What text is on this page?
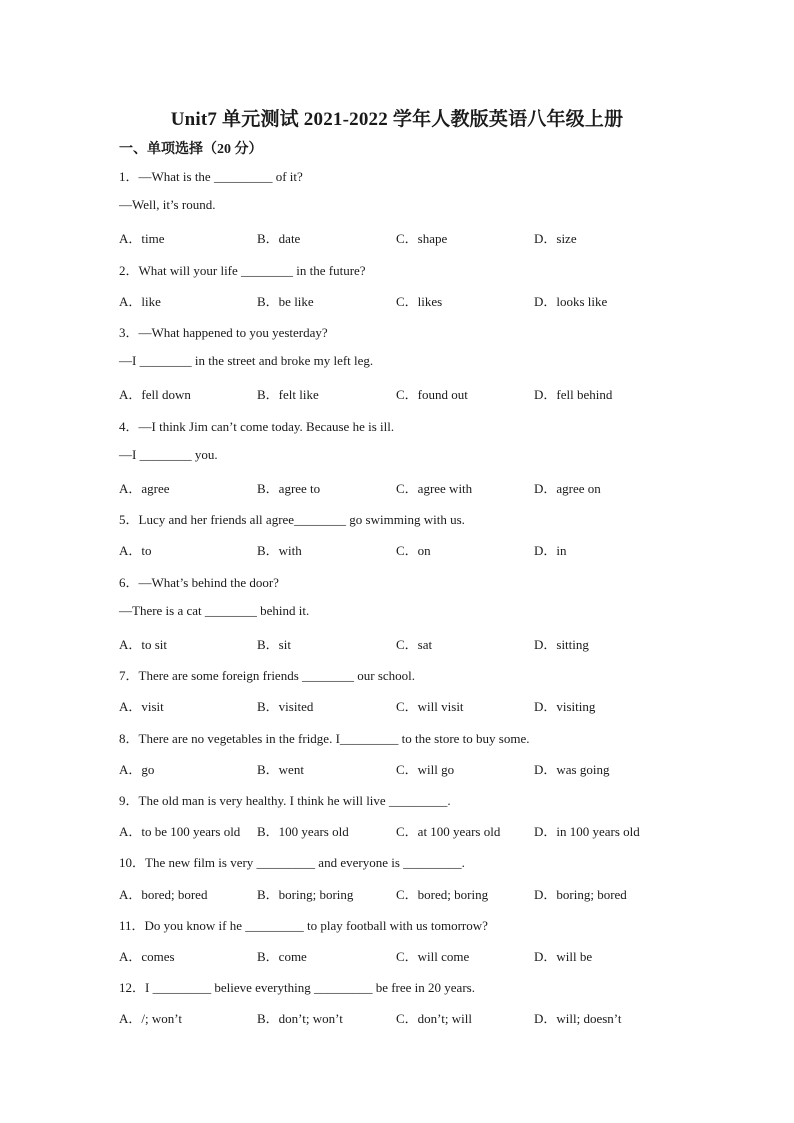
Unit7 单元测试 2021-2022 学年人教版英语八年级上册
一、单项选择（20 分）
1．—What is the _________ of it?
—Well, it’s round.
A．time	B．date	C．shape	D．size
2．What will your life ________ in the future?
A．like	B．be like	C．likes	D．looks like
3．—What happened to you yesterday?
—I ________ in the street and broke my left leg.
A．fell down	B．felt like	C．found out	D．fell behind
4．—I think Jim can’t come today. Because he is ill.
—I ________ you.
A．agree	B．agree to	C．agree with	D．agree on
5．Lucy and her friends all agree________ go swimming with us.
A．to	B．with	C．on	D．in
6．—What’s behind the door?
—There is a cat ________ behind it.
A．to sit	B．sit	C．sat	D．sitting
7．There are some foreign friends ________ our school.
A．visit	B．visited	C．will visit	D．visiting
8．There are no vegetables in the fridge. I_________ to the store to buy some.
A．go	B．went	C．will go	D．was going
9．The old man is very healthy. I think he will live _________.
A．to be 100 years old B．100 years old	C．at 100 years old	D．in 100 years old
10．The new film is very _________ and everyone is _________.
A．bored; bored	B．boring; boring	C．bored; boring	D．boring; bored
11．Do you know if he _________ to play football with us tomorrow?
A．comes	B．come	C．will come	D．will be
12．I _________ believe everything _________ be free in 20 years.
A．/; won’t	B．don’t; won’t	C．don’t; will	D．will; doesn’t
